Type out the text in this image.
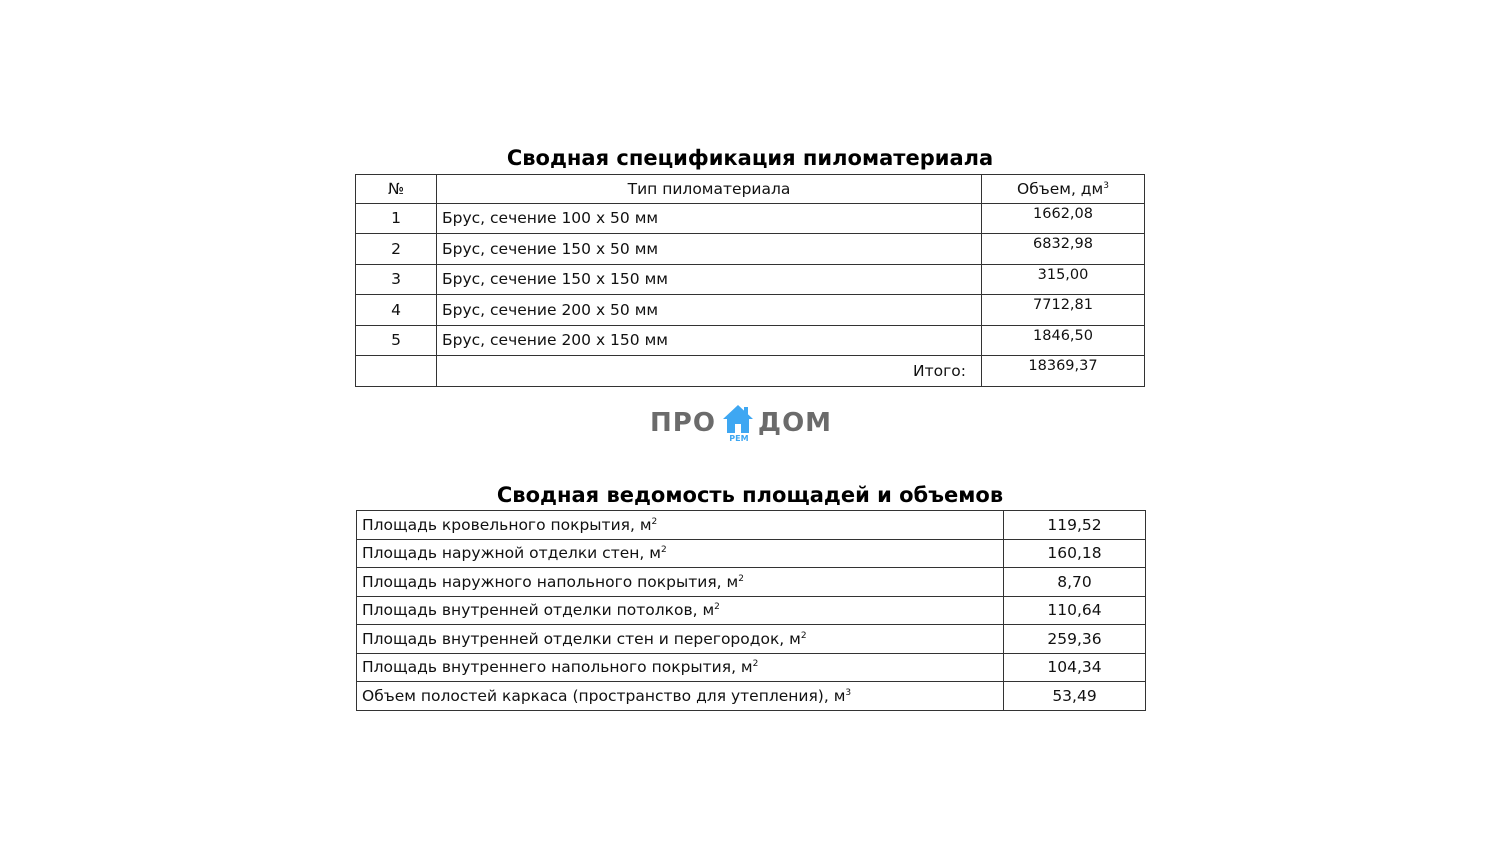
Сводная спецификация пиломатериала
№	Тип пиломатериала	Объем, $дм^3$
1	Брус, сечение 100 х 50 мм	1662,08
2	Брус, сечение 150 х 50 мм	6832,98
3	Брус, сечение 150 х 150 мм	315,00
4	Брус, сечение 200 х 50 мм	7712,81
5	Брус, сечение 200 х 150 мм	1846,50
	Итого:	18369,37
ПРО
РЕМ
ДОМ
Сводная ведомость площадей и объемов
Площадь кровельного покрытия, $м^2$	119,52
Площадь наружной отделки стен, $м^2$	160,18
Площадь наружного напольного покрытия, $м^2$	8,70
Площадь внутренней отделки потолков, $м^2$	110,64
Площадь внутренней отделки стен и перегородок, $м^2$	259,36
Площадь внутреннего напольного покрытия, $м^2$	104,34
Объем полостей каркаса (пространство для утепления), $м^3$	53,49
